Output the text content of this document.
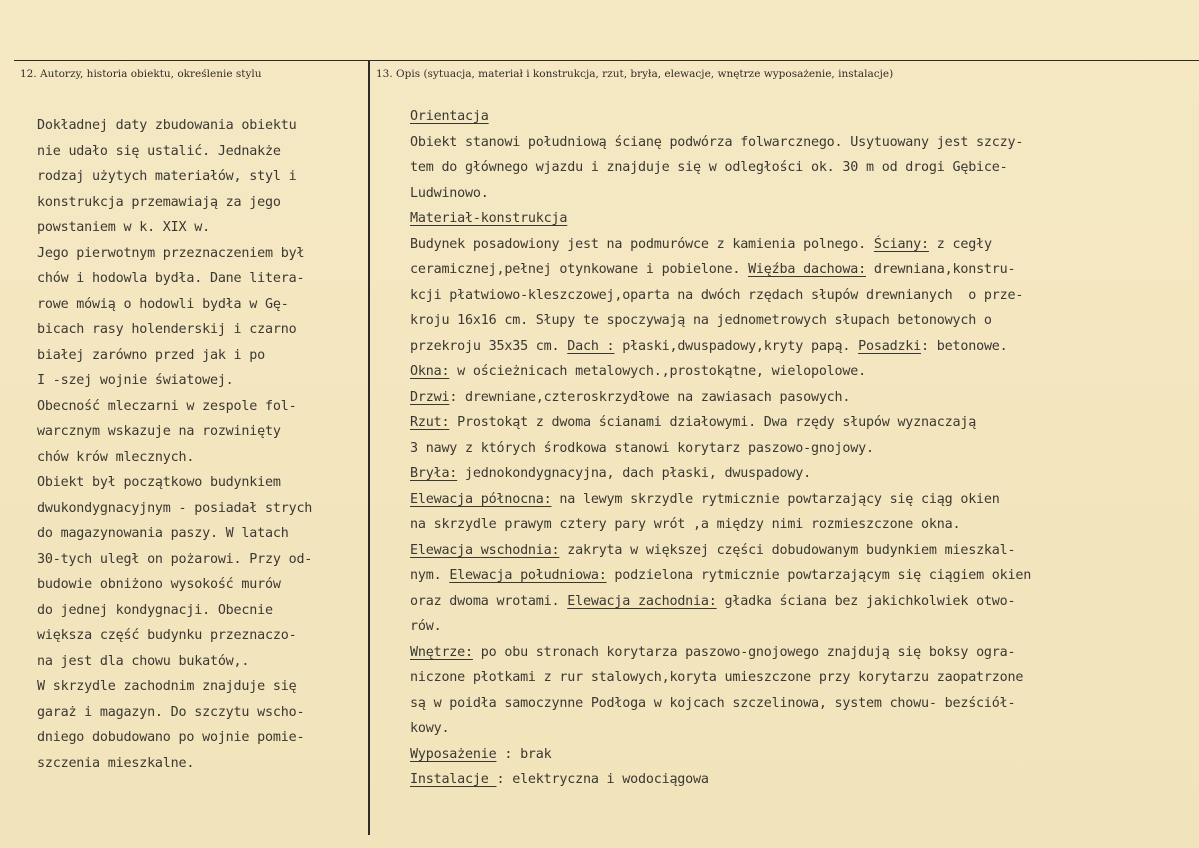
12. Autorzy, historia obiektu, określenie stylu	13. Opis (sytuacja, materiał i konstrukcja, rzut, bryła, elewacje, wnętrze wyposażenie, instalacje)
Dokładnej daty zbudowania obiektu
nie udało się ustalić. Jednakże
rodzaj użytych materiałów, styl i
konstrukcja przemawiają za jego
powstaniem w k. XIX w.
Jego pierwotnym przeznaczeniem był
chów i hodowla bydła. Dane litera-
rowe mówią o hodowli bydła w Gę-
bicach rasy holenderskij i czarno
białej zarówno przed jak i po
I -szej wojnie światowej.
Obecność mleczarni w zespole fol-
warcznym wskazuje na rozwinięty
chów krów mlecznych.
Obiekt był początkowo budynkiem
dwukondygnacyjnym - posiadał strych
do magazynowania paszy. W latach
30-tych uległ on pożarowi. Przy od-
budowie obniżono wysokość murów
do jednej kondygnacji. Obecnie
większa część budynku przeznaczo-
na jest dla chowu bukatów,.
W skrzydle zachodnim znajduje się
garaż i magazyn. Do szczytu wscho-
dniego dobudowano po wojnie pomie-
szczenia mieszkalne.
Orientacja
Obiekt stanowi południową ścianę podwórza folwarcznego. Usytuowany jest szczy-
tem do głównego wjazdu i znajduje się w odległości ok. 30 m od drogi Gębice-
Ludwinowo.
Materiał-konstrukcja
Budynek posadowiony jest na podmurówce z kamienia polnego. Ściany: z cegły
ceramicznej,pełnej otynkowane i pobielone. Więźba dachowa: drewniana,konstru-
kcji płatwiowo-kleszczowej,oparta na dwóch rzędach słupów drewnianych  o prze-
kroju 16x16 cm. Słupy te spoczywają na jednometrowych słupach betonowych o
przekroju 35x35 cm. Dach : płaski,dwuspadowy,kryty papą. Posadzki: betonowe.
Okna: w ościeżnicach metalowych.,prostokątne, wielopolowe.
Drzwi: drewniane,czteroskrzydłowe na zawiasach pasowych.
Rzut: Prostokąt z dwoma ścianami działowymi. Dwa rzędy słupów wyznaczają
3 nawy z których środkowa stanowi korytarz paszowo-gnojowy.
Bryła: jednokondygnacyjna, dach płaski, dwuspadowy.
Elewacja północna: na lewym skrzydle rytmicznie powtarzający się ciąg okien
na skrzydle prawym cztery pary wrót ,a między nimi rozmieszczone okna.
Elewacja wschodnia: zakryta w większej części dobudowanym budynkiem mieszkal-
nym. Elewacja południowa: podzielona rytmicznie powtarzającym się ciągiem okien
oraz dwoma wrotami. Elewacja zachodnia: gładka ściana bez jakichkolwiek otwo-
rów.
Wnętrze: po obu stronach korytarza paszowo-gnojowego znajdują się boksy ogra-
niczone płotkami z rur stalowych,koryta umieszczone przy korytarzu zaopatrzone
są w poidła samoczynne Podłoga w kojcach szczelinowa, system chowu- bezściół-
kowy.
Wyposażenie : brak
Instalacje : elektryczna i wodociągowa
